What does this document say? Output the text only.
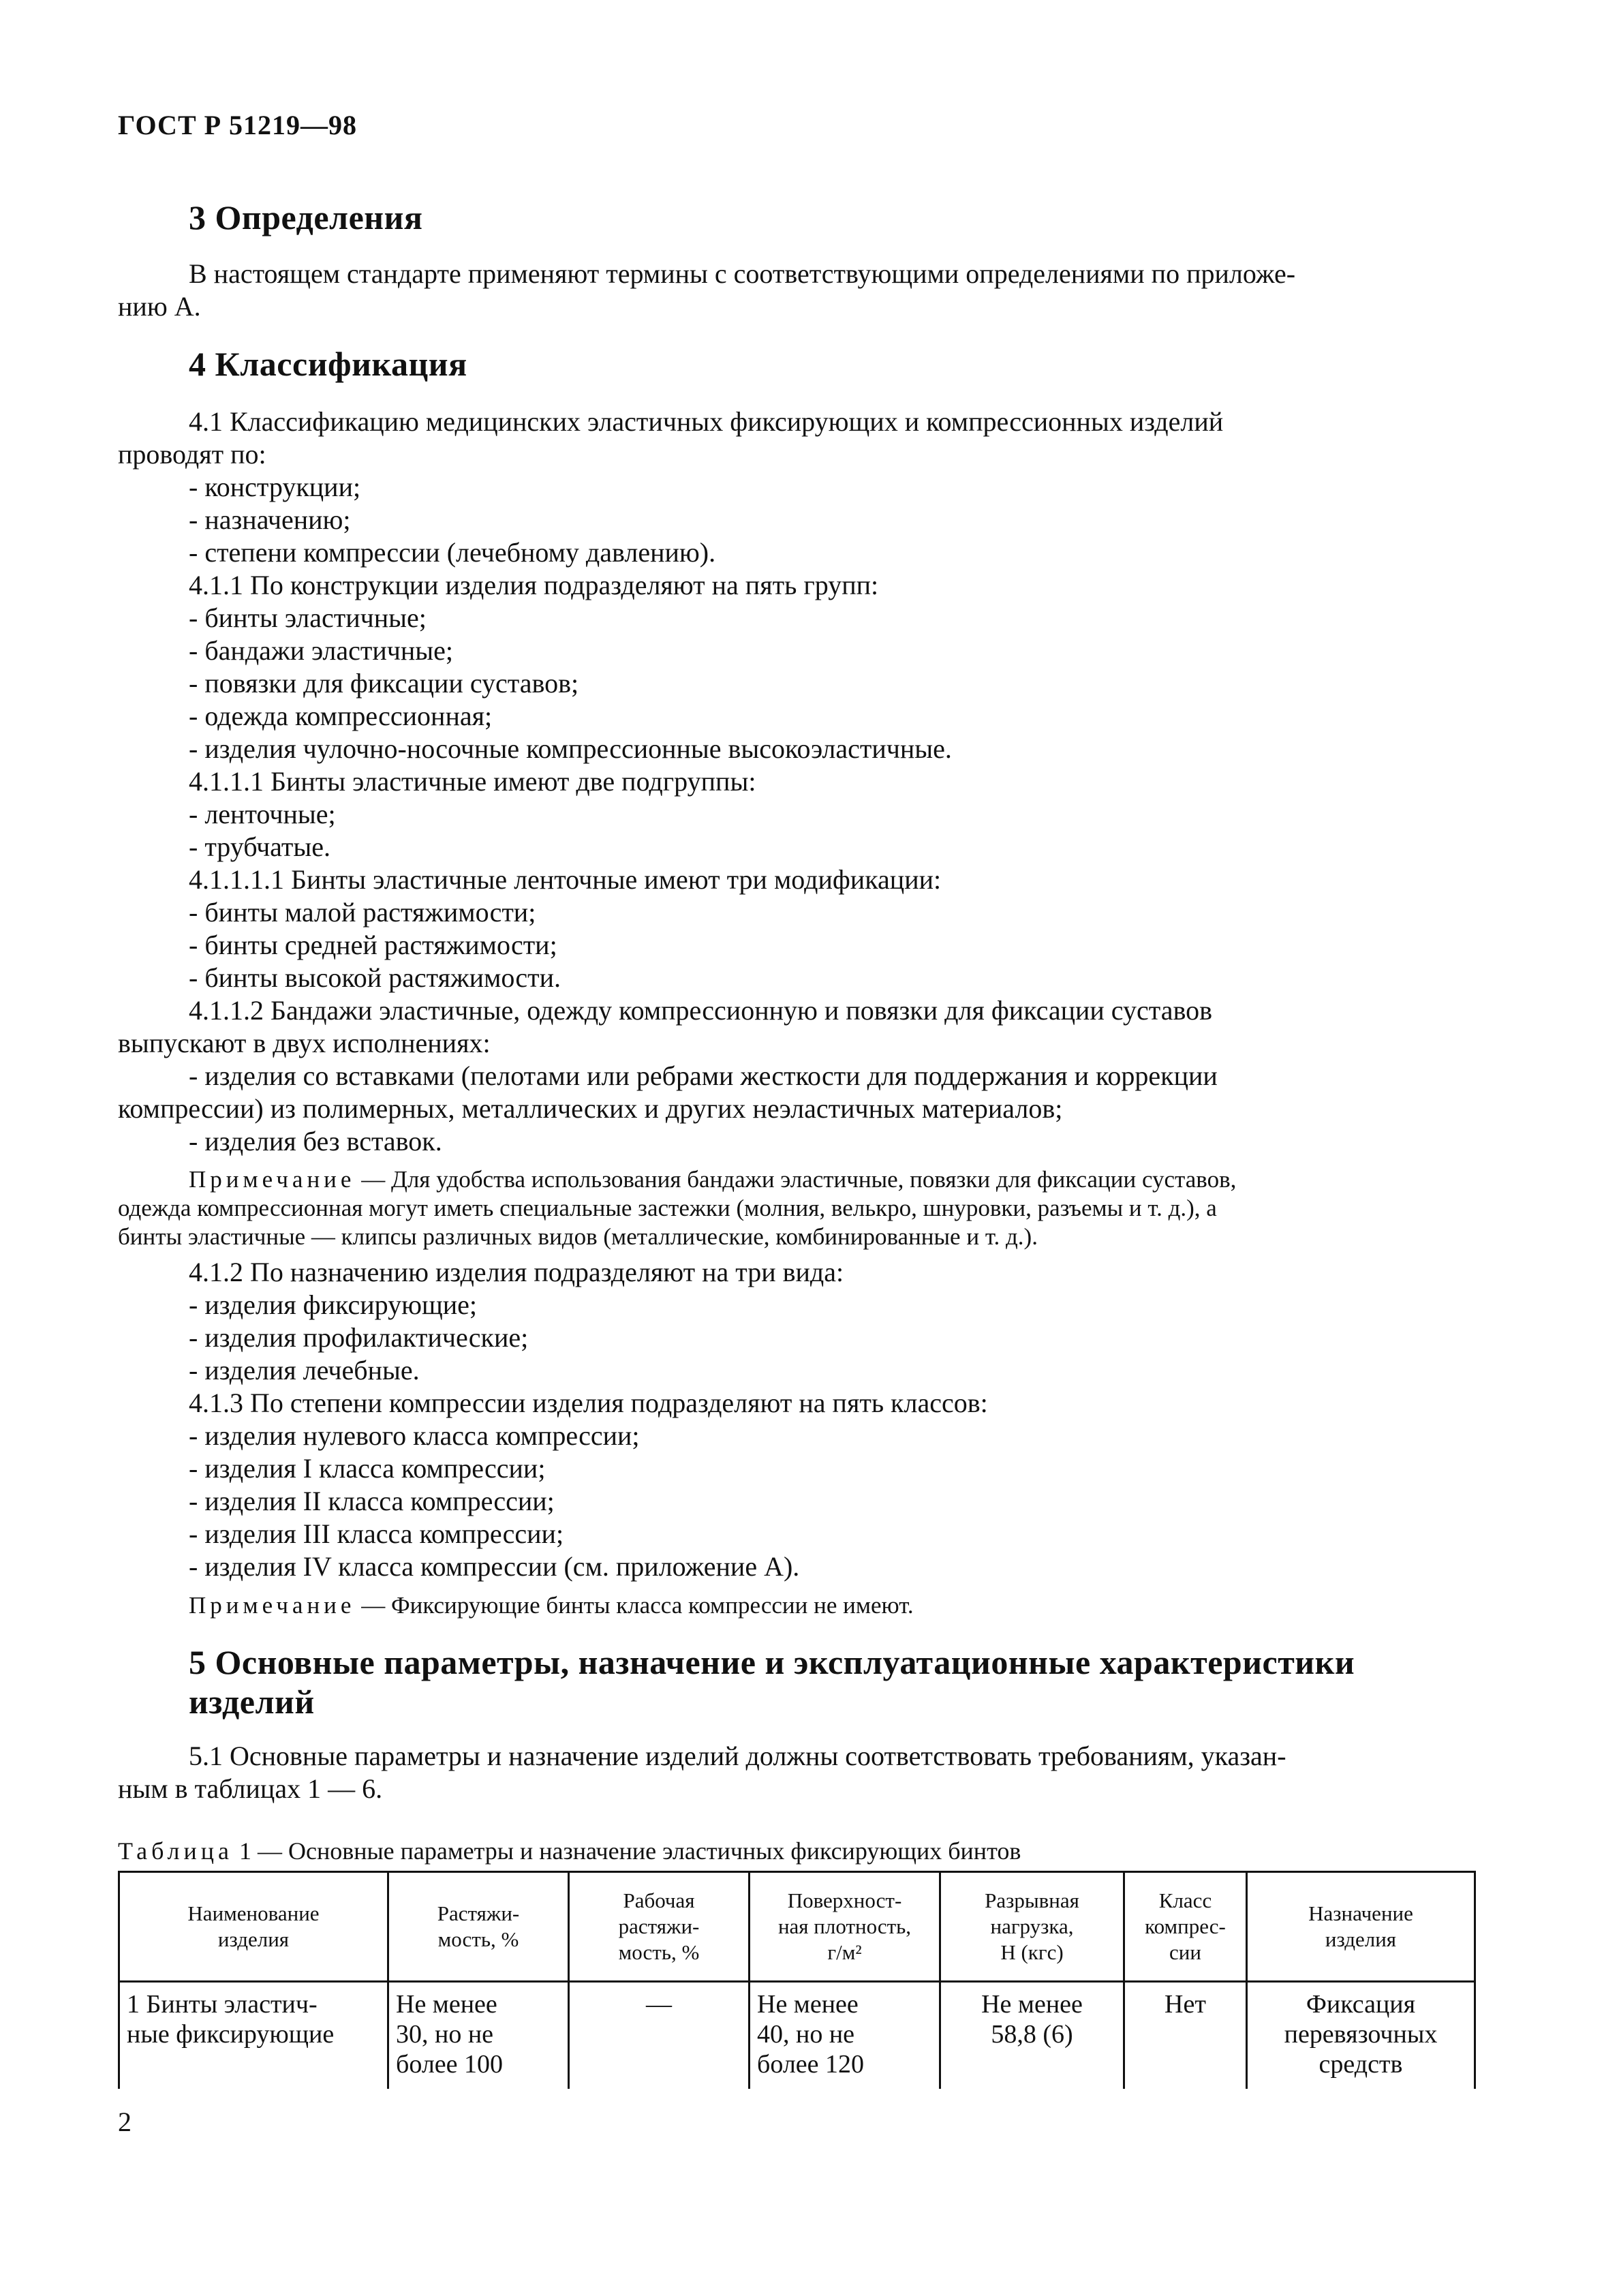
ГОСТ Р 51219—98
3 Определения
В настоящем стандарте применяют термины с соответствующими определениями по приложе-
нию А.
4 Классификация
4.1 Классификацию медицинских эластичных фиксирующих и компрессионных изделий
проводят по:
- конструкции;
- назначению;
- степени компрессии (лечебному давлению).
4.1.1 По конструкции изделия подразделяют на пять групп:
- бинты эластичные;
- бандажи эластичные;
- повязки для фиксации суставов;
- одежда компрессионная;
- изделия чулочно-носочные компрессионные высокоэластичные.
4.1.1.1 Бинты эластичные имеют две подгруппы:
- ленточные;
- трубчатые.
4.1.1.1.1 Бинты эластичные ленточные имеют три модификации:
- бинты малой растяжимости;
- бинты средней растяжимости;
- бинты высокой растяжимости.
4.1.1.2 Бандажи эластичные, одежду компрессионную и повязки для фиксации суставов
выпускают в двух исполнениях:
- изделия со вставками (пелотами или ребрами жесткости для поддержания и коррекции
компрессии) из полимерных, металлических и других неэластичных материалов;
- изделия без вставок.
Примечание — Для удобства использования бандажи эластичные, повязки для фиксации суставов,
одежда компрессионная могут иметь специальные застежки (молния, велькро, шнуровки, разъемы и т. д.), а
бинты эластичные — клипсы различных видов (металлические, комбинированные и т. д.).
4.1.2 По назначению изделия подразделяют на три вида:
- изделия фиксирующие;
- изделия профилактические;
- изделия лечебные.
4.1.3 По степени компрессии изделия подразделяют на пять классов:
- изделия нулевого класса компрессии;
- изделия I класса компрессии;
- изделия II класса компрессии;
- изделия III класса компрессии;
- изделия IV класса компрессии (см. приложение А).
Примечание — Фиксирующие бинты класса компрессии не имеют.
5 Основные параметры, назначение и эксплуатационные характеристики
изделий
5.1 Основные параметры и назначение изделий должны соответствовать требованиям, указан-
ным в таблицах 1 — 6.
Таблица 1 — Основные параметры и назначение эластичных фиксирующих бинтов
Наименование
изделия	Растяжи-
мость, %	Рабочая
растяжи-
мость, %	Поверхност-
ная плотность,
г/м²	Разрывная
нагрузка,
Н (кгс)	Класс
компрес-
сии	Назначение
изделия
1 Бинты эластич-
ные фиксирующие	Не менее
30, но не
более 100	—	Не менее
40, но не
более 120	Не менее
58,8 (6)	Нет	Фиксация
перевязочных
средств
2
